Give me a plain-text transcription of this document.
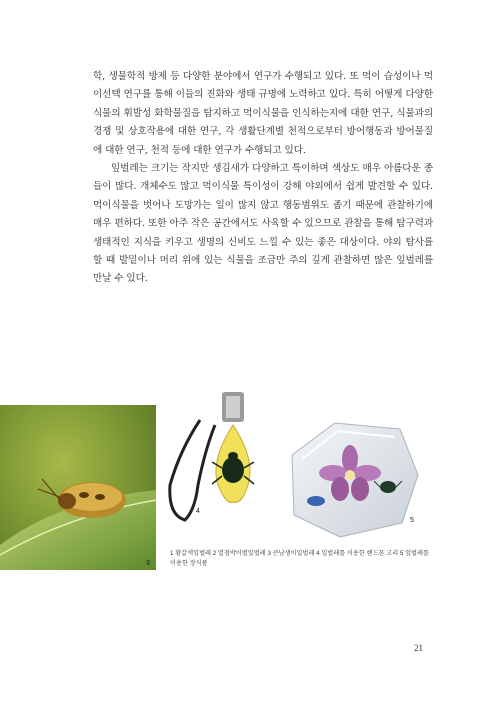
학, 생물학적 방제 등 다양한 분야에서 연구가 수행되고 있다. 또 먹이 습성이나 먹이선택 연구를 통해 이들의 진화와 생태 규명에 노력하고 있다. 특히 어떻게 다양한 식물의 휘발성 화학물질을 탐지하고 먹이식물을 인식하는지에 대한 연구, 식물과의 경쟁 및 상호작용에 대한 연구, 각 생활단계별 천적으로부터 방어행동과 방어물질에 대한 연구, 천적 등에 대한 연구가 수행되고 있다.

잎벌레는 크기는 작지만 생김새가 다양하고 특이하며 색상도 매우 아름다운 종들이 많다. 개체수도 많고 먹이식물 특이성이 강해 야외에서 쉽게 발견할 수 있다. 먹이식물을 벗어나 도망가는 일이 많지 않고 행동범위도 좁기 때문에 관찰하기에 매우 편하다. 또한 아주 작은 공간에서도 사육할 수 있으므로 관찰을 통해 탐구력과 생태적인 지식을 키우고 생명의 신비도 느낄 수 있는 좋은 대상이다. 야외 탐사를 할 때 발밑이나 머리 위에 있는 식물을 조금만 주의 깊게 관찰하면 많은 잎벌레를 만날 수 있다.

3
4
5

1 황갈색잎벌레 2 열점박이별잎벌레 3 큰남생이잎벌레 4 잎벌레를 이용한 핸드폰 고리 5 잎벌레를 이용한 장식품

21
